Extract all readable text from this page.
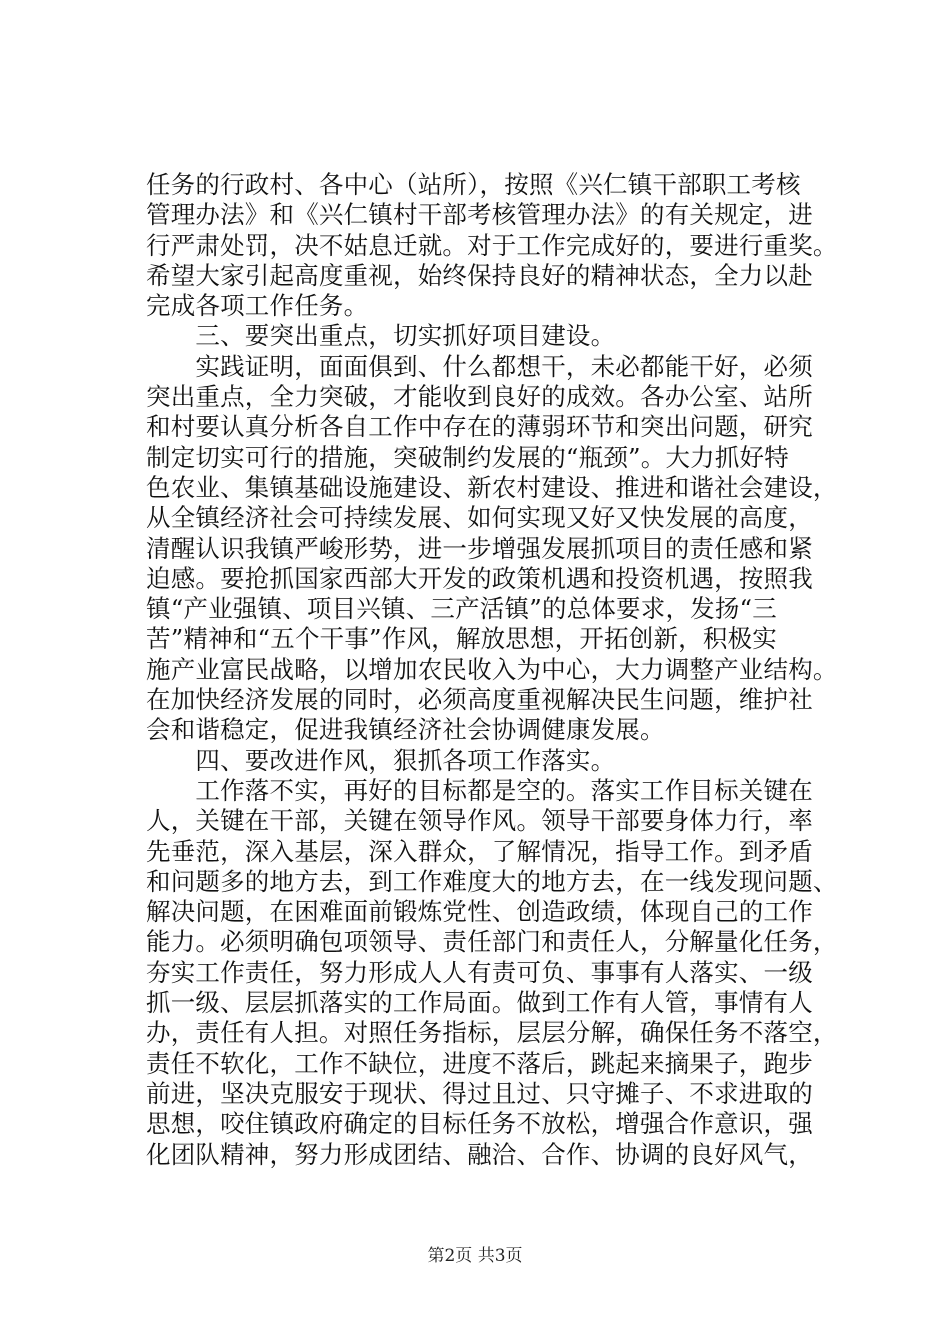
任务的行政村、各中心（站所），按照《兴仁镇干部职工考核
管理办法》和《兴仁镇村干部考核管理办法》的有关规定，进
行严肃处罚，决不姑息迁就。对于工作完成好的，要进行重奖。
希望大家引起高度重视，始终保持良好的精神状态，全力以赴
完成各项工作任务。
　　三、要突出重点，切实抓好项目建设。
　　实践证明，面面俱到、什么都想干，未必都能干好，必须
突出重点，全力突破，才能收到良好的成效。各办公室、站所
和村要认真分析各自工作中存在的薄弱环节和突出问题，研究
制定切实可行的措施，突破制约发展的“瓶颈”。大力抓好特
色农业、集镇基础设施建设、新农村建设、推进和谐社会建设，
从全镇经济社会可持续发展、如何实现又好又快发展的高度，
清醒认识我镇严峻形势，进一步增强发展抓项目的责任感和紧
迫感。要抢抓国家西部大开发的政策机遇和投资机遇，按照我
镇“产业强镇、项目兴镇、三产活镇”的总体要求，发扬“三
苦”精神和“五个干事”作风，解放思想，开拓创新，积极实
施产业富民战略，以增加农民收入为中心，大力调整产业结构。
在加快经济发展的同时，必须高度重视解决民生问题，维护社
会和谐稳定，促进我镇经济社会协调健康发展。
　　四、要改进作风，狠抓各项工作落实。
　　工作落不实，再好的目标都是空的。落实工作目标关键在
人，关键在干部，关键在领导作风。领导干部要身体力行，率
先垂范，深入基层，深入群众，了解情况，指导工作。到矛盾
和问题多的地方去，到工作难度大的地方去，在一线发现问题、
解决问题，在困难面前锻炼党性、创造政绩，体现自己的工作
能力。必须明确包项领导、责任部门和责任人，分解量化任务，
夯实工作责任，努力形成人人有责可负、事事有人落实、一级
抓一级、层层抓落实的工作局面。做到工作有人管，事情有人
办，责任有人担。对照任务指标，层层分解，确保任务不落空，
责任不软化，工作不缺位，进度不落后，跳起来摘果子，跑步
前进，坚决克服安于现状、得过且过、只守摊子、不求进取的
思想，咬住镇政府确定的目标任务不放松，增强合作意识，强
化团队精神，努力形成团结、融洽、合作、协调的良好风气，
第2页 共3页
